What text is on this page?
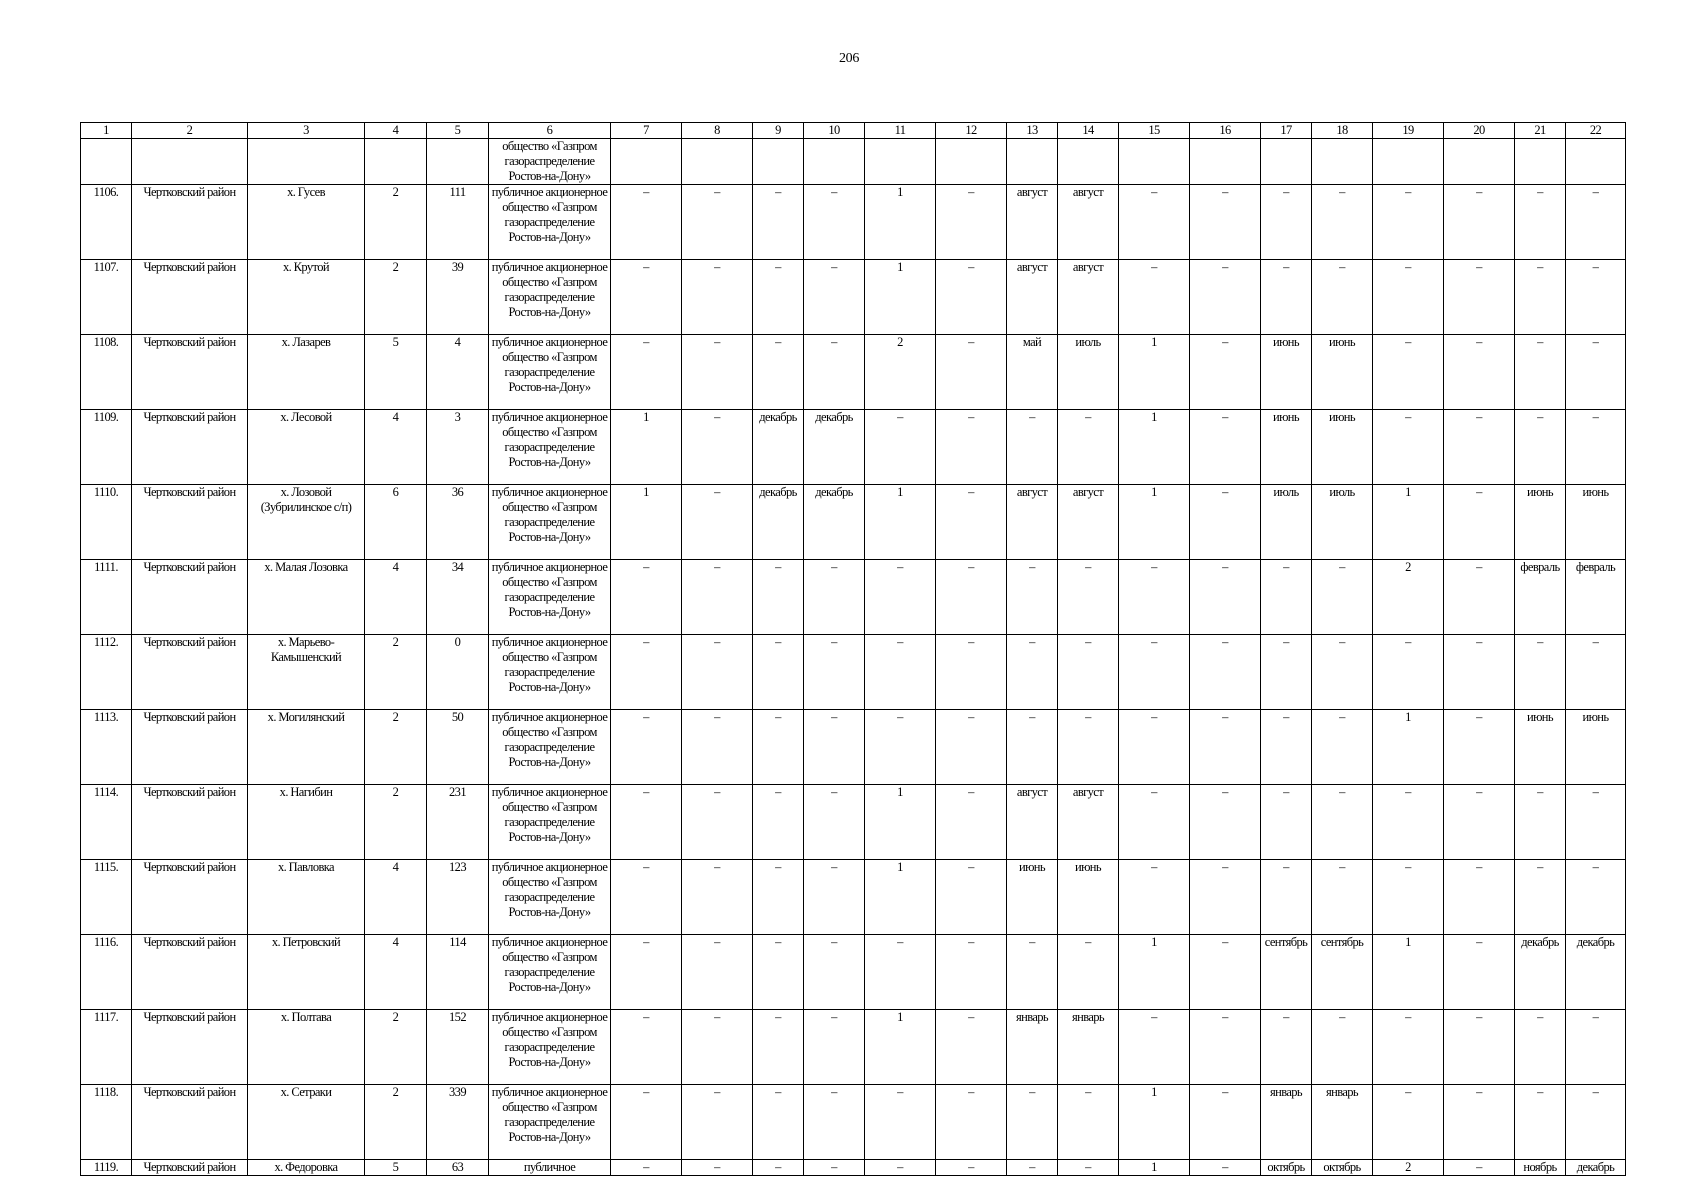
206
1	2	3	4	5	6	7	8	9	10	11	12	13	14	15	16	17	18	19	20	21	22
					общество «Газпром газораспределение Ростов-на-Дону»																
1106.	Чертковский район	х. Гусев	2	111	публичное акционерное общество «Газпром газораспределение Ростов-на-Дону»	–	–	–	–	1	–	август	август	–	–	–	–	–	–	–	–
1107.	Чертковский район	х. Крутой	2	39	публичное акционерное общество «Газпром газораспределение Ростов-на-Дону»	–	–	–	–	1	–	август	август	–	–	–	–	–	–	–	–
1108.	Чертковский район	х. Лазарев	5	4	публичное акционерное общество «Газпром газораспределение Ростов-на-Дону»	–	–	–	–	2	–	май	июль	1	–	июнь	июнь	–	–	–	–
1109.	Чертковский район	х. Лесовой	4	3	публичное акционерное общество «Газпром газораспределение Ростов-на-Дону»	1	–	декабрь	декабрь	–	–	–	–	1	–	июнь	июнь	–	–	–	–
1110.	Чертковский район	х. Лозовой (Зубрилинское с/п)	6	36	публичное акционерное общество «Газпром газораспределение Ростов-на-Дону»	1	–	декабрь	декабрь	1	–	август	август	1	–	июль	июль	1	–	июнь	июнь
1111.	Чертковский район	х. Малая Лозовка	4	34	публичное акционерное общество «Газпром газораспределение Ростов-на-Дону»	–	–	–	–	–	–	–	–	–	–	–	–	2	–	февраль	февраль
1112.	Чертковский район	х. Марьево-Камышенский	2	0	публичное акционерное общество «Газпром газораспределение Ростов-на-Дону»	–	–	–	–	–	–	–	–	–	–	–	–	–	–	–	–
1113.	Чертковский район	х. Могилянский	2	50	публичное акционерное общество «Газпром газораспределение Ростов-на-Дону»	–	–	–	–	–	–	–	–	–	–	–	–	1	–	июнь	июнь
1114.	Чертковский район	х. Нагибин	2	231	публичное акционерное общество «Газпром газораспределение Ростов-на-Дону»	–	–	–	–	1	–	август	август	–	–	–	–	–	–	–	–
1115.	Чертковский район	х. Павловка	4	123	публичное акционерное общество «Газпром газораспределение Ростов-на-Дону»	–	–	–	–	1	–	июнь	июнь	–	–	–	–	–	–	–	–
1116.	Чертковский район	х. Петровский	4	114	публичное акционерное общество «Газпром газораспределение Ростов-на-Дону»	–	–	–	–	–	–	–	–	1	–	сентябрь	сентябрь	1	–	декабрь	декабрь
1117.	Чертковский район	х. Полтава	2	152	публичное акционерное общество «Газпром газораспределение Ростов-на-Дону»	–	–	–	–	1	–	январь	январь	–	–	–	–	–	–	–	–
1118.	Чертковский район	х. Сетраки	2	339	публичное акционерное общество «Газпром газораспределение Ростов-на-Дону»	–	–	–	–	–	–	–	–	1	–	январь	январь	–	–	–	–
1119.	Чертковский район	х. Федоровка	5	63	публичное	–	–	–	–	–	–	–	–	1	–	октябрь	октябрь	2	–	ноябрь	декабрь
